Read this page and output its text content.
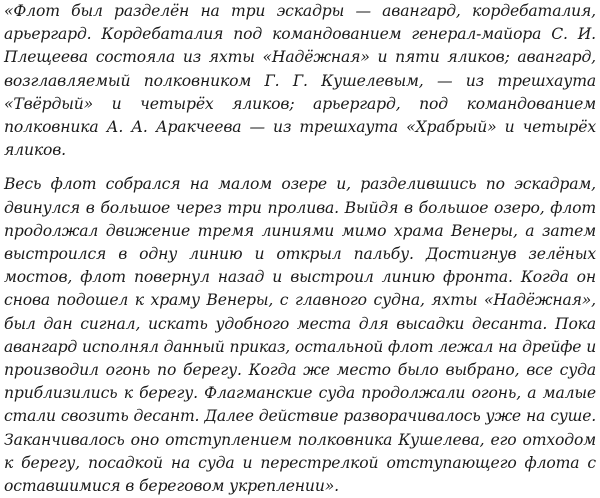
«Флот был разделён на три эскадры — авангард, кордебаталия,
арьергард. Кордебаталия под командованием генерал-майора С. И.
Плещеева состояла из яхты «Надёжная» и пяти яликов; авангард,
возглавляемый полковником Г. Г. Кушелевым, — из трешхаута
«Твёрдый» и четырёх яликов; арьергард, под командованием
полковника А. А. Аракчеева — из трешхаута «Храбрый» и четырёх
яликов.

Весь флот собрался на малом озере и, разделившись по эскадрам,
двинулся в большое через три пролива. Выйдя в большое озеро, флот
продолжал движение тремя линиями мимо храма Венеры, а затем
выстроился в одну линию и открыл пальбу. Достигнув зелёных
мостов, флот повернул назад и выстроил линию фронта. Когда он
снова подошел к храму Венеры, с главного судна, яхты «Надёжная»,
был дан сигнал, искать удобного места для высадки десанта. Пока
авангард исполнял данный приказ, остальной флот лежал на дрейфе и
производил огонь по берегу. Когда же место было выбрано, все суда
приблизились к берегу. Флагманские суда продолжали огонь, а малые
стали свозить десант. Далее действие разворачивалось уже на суше.
Заканчивалось оно отступлением полковника Кушелева, его отходом
к берегу, посадкой на суда и перестрелкой отступающего флота с
оставшимися в береговом укреплении».
